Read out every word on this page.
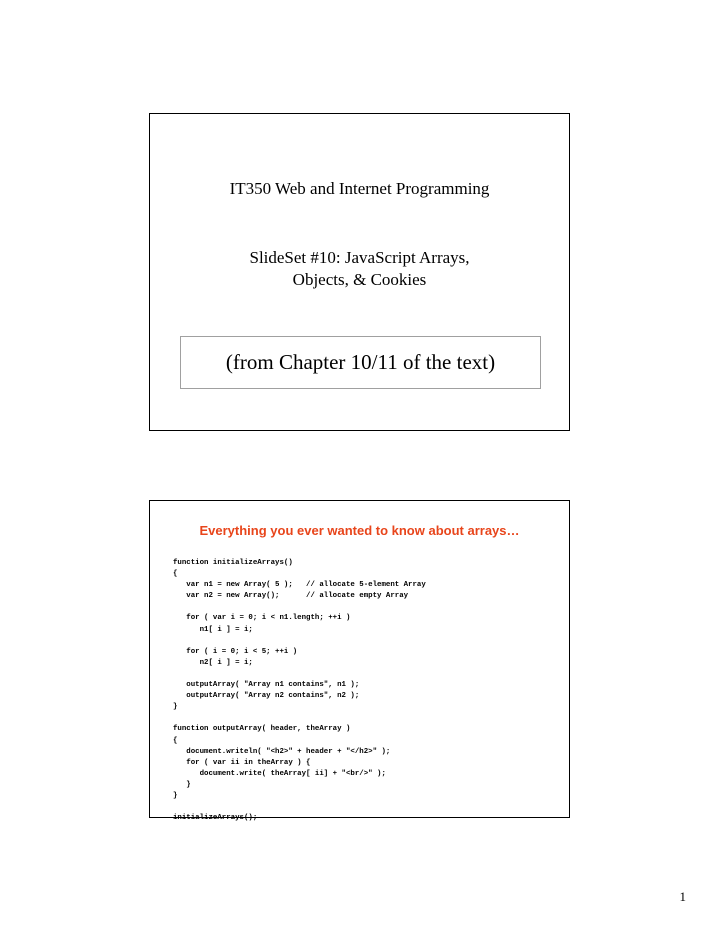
IT350 Web and Internet Programming
SlideSet #10: JavaScript Arrays,
Objects, & Cookies
(from Chapter 10/11 of the text)
Everything you ever wanted to know about arrays…
function initializeArrays()
{
var n1 = new Array( 5 );   // allocate 5-element Array
var n2 = new Array();      // allocate empty Array

for ( var i = 0; i < n1.length; ++i )
n1[ i ] = i;

for ( i = 0; i < 5; ++i )
n2[ i ] = i;

outputArray( "Array n1 contains", n1 );
outputArray( "Array n2 contains", n2 );
}

function outputArray( header, theArray )
{
document.writeln( "<h2>" + header + "</h2>" );
for ( var ii in theArray ) {
document.write( theArray[ ii] + "<br/>" );
}
}

initializeArrays();
1
